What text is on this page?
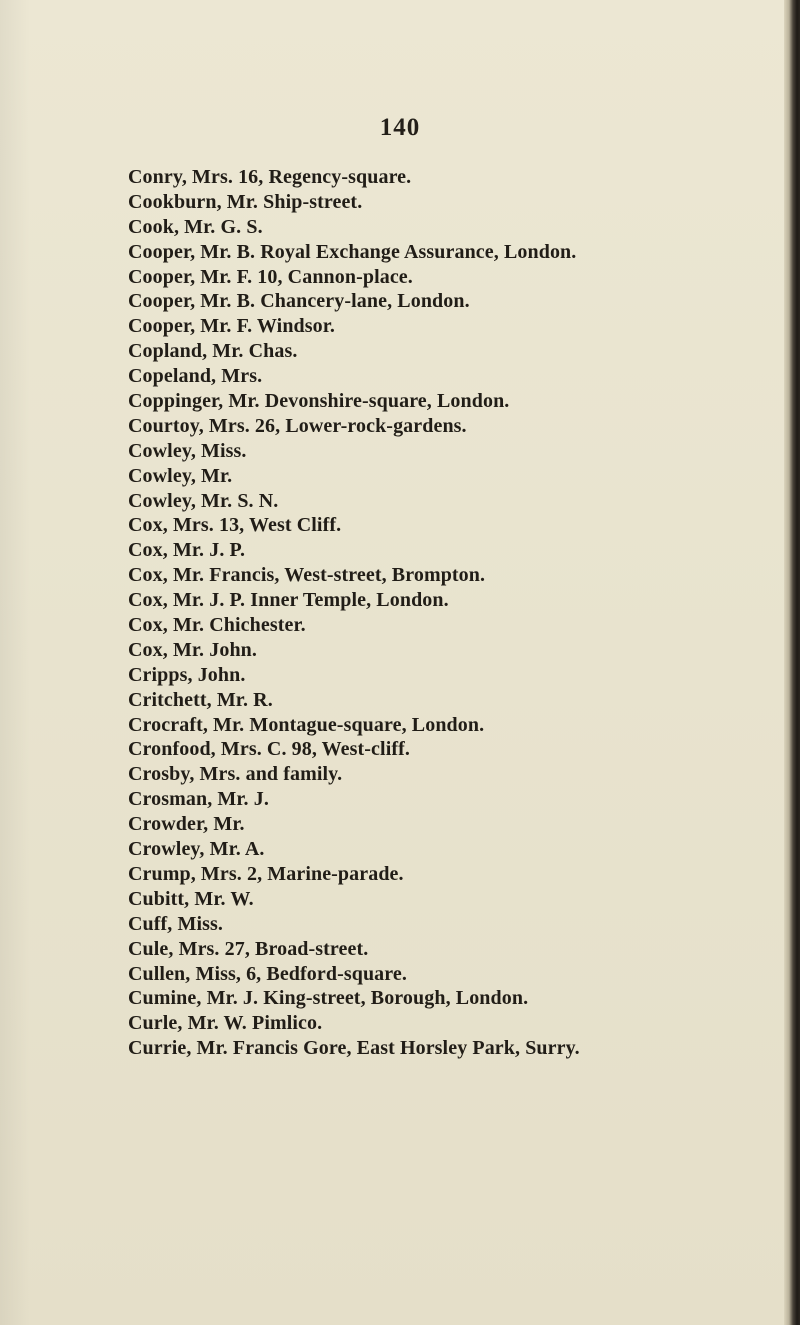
140
Conry, Mrs. 16, Regency-square.
Cookburn, Mr. Ship-street.
Cook, Mr. G. S.
Cooper, Mr. B. Royal Exchange Assurance, London.
Cooper, Mr. F. 10, Cannon-place.
Cooper, Mr. B. Chancery-lane, London.
Cooper, Mr. F. Windsor.
Copland, Mr. Chas.
Copeland, Mrs.
Coppinger, Mr. Devonshire-square, London.
Courtoy, Mrs. 26, Lower-rock-gardens.
Cowley, Miss.
Cowley, Mr.
Cowley, Mr. S. N.
Cox, Mrs. 13, West Cliff.
Cox, Mr. J. P.
Cox, Mr. Francis, West-street, Brompton.
Cox, Mr. J. P. Inner Temple, London.
Cox, Mr. Chichester.
Cox, Mr. John.
Cripps, John.
Critchett, Mr. R.
Crocraft, Mr. Montague-square, London.
Cronfood, Mrs. C. 98, West-cliff.
Crosby, Mrs. and family.
Crosman, Mr. J.
Crowder, Mr.
Crowley, Mr. A.
Crump, Mrs. 2, Marine-parade.
Cubitt, Mr. W.
Cuff, Miss.
Cule, Mrs. 27, Broad-street.
Cullen, Miss, 6, Bedford-square.
Cumine, Mr. J. King-street, Borough, London.
Curle, Mr. W. Pimlico.
Currie, Mr. Francis Gore, East Horsley Park, Surry.
